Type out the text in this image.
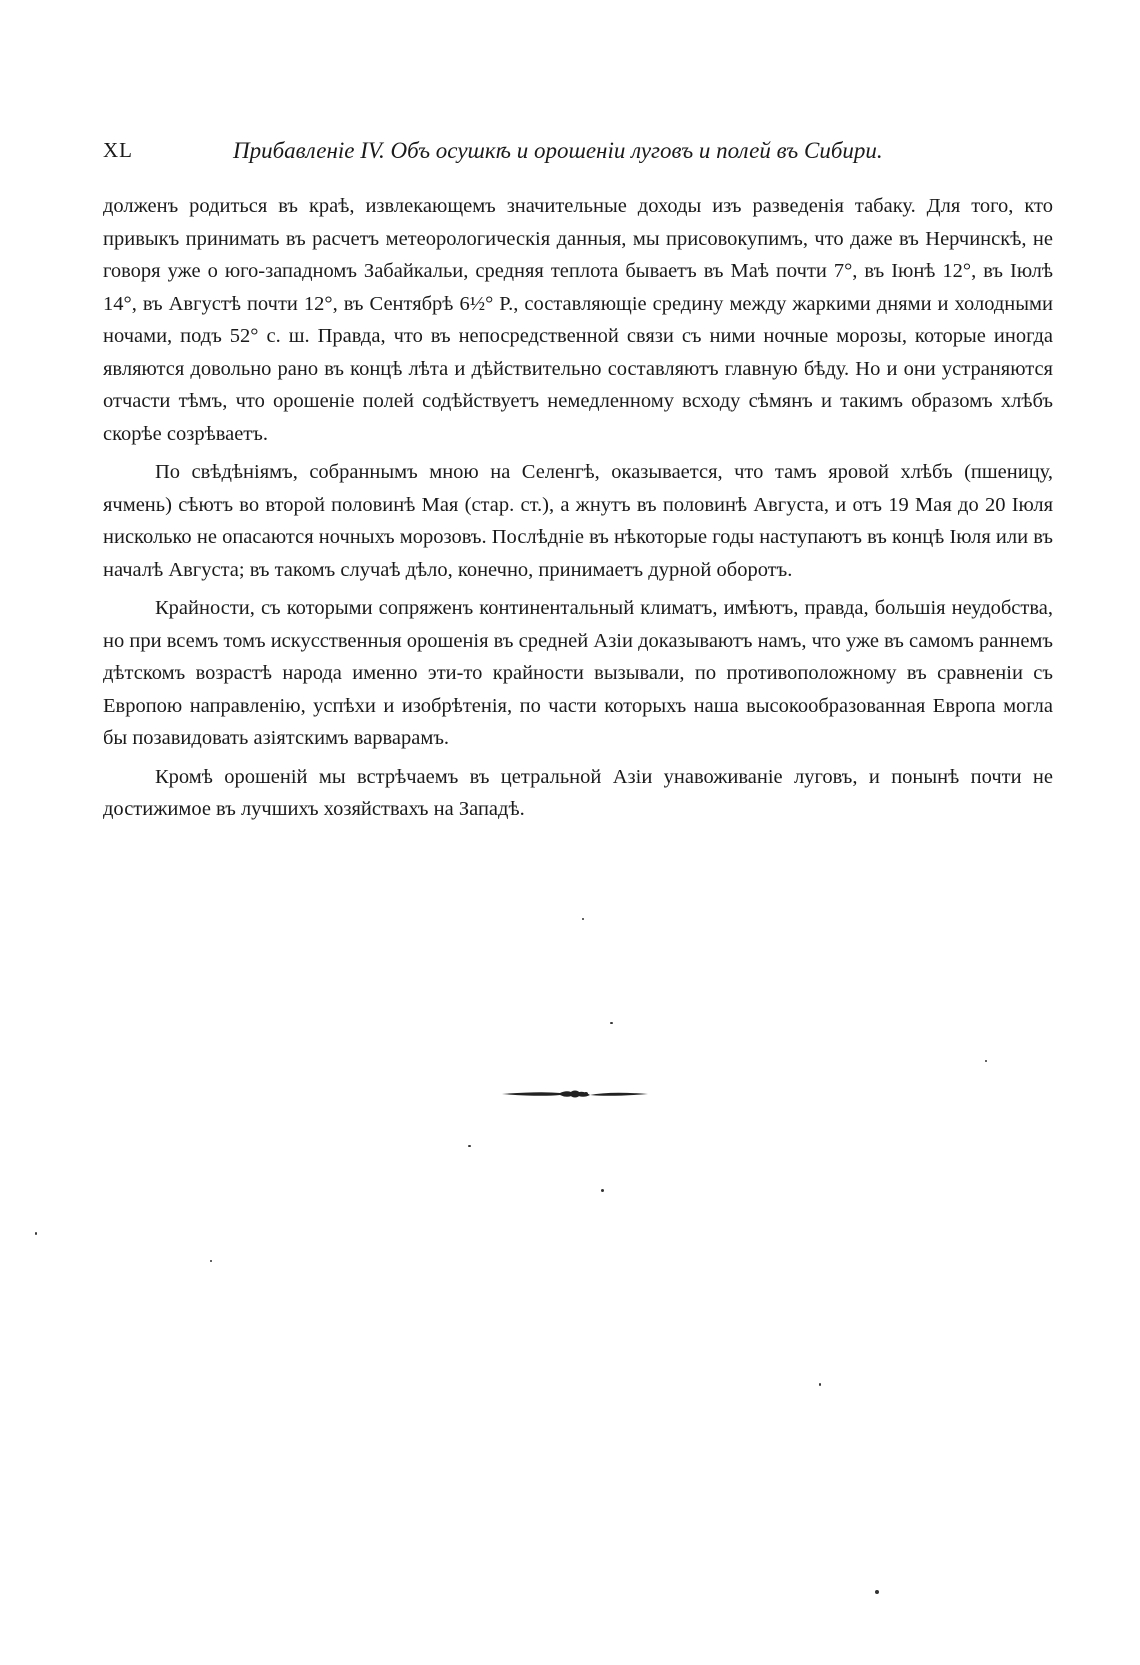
XL	Прибавленіе IV. Объ осушкѣ и орошеніи луговъ и полей въ Сибири.

долженъ родиться въ краѣ, извлекающемъ значительные доходы изъ разведенія табаку. Для того, кто привыкъ принимать въ расчетъ метеорологическія данныя, мы присовокупимъ, что даже въ Нерчинскѣ, не говоря уже о юго-западномъ Забайкальи, средняя теплота бываетъ въ Маѣ почти 7°, въ Іюнѣ 12°, въ Іюлѣ 14°, въ Августѣ почти 12°, въ Сентябрѣ 6½° Р., составляющіе средину между жаркими днями и холодными ночами, подъ 52° с. ш. Правда, что въ непосредственной связи съ ними ночные морозы, которые иногда являются довольно рано въ концѣ лѣта и дѣйствительно составляютъ главную бѣду. Но и они устраняются отчасти тѣмъ, что орошеніе полей содѣйствуетъ немедленному всходу сѣмянъ и такимъ образомъ хлѣбъ скорѣе созрѣваетъ.

По свѣдѣніямъ, собраннымъ мною на Селенгѣ, оказывается, что тамъ яровой хлѣбъ (пшеницу, ячмень) сѣютъ во второй половинѣ Мая (стар. ст.), а жнутъ въ половинѣ Августа, и отъ 19 Мая до 20 Іюля нисколько не опасаются ночныхъ морозовъ. Послѣдніе въ нѣкоторые годы наступаютъ въ концѣ Іюля или въ началѣ Августа; въ такомъ случаѣ дѣло, конечно, принимаетъ дурной оборотъ.

Крайности, съ которыми сопряженъ континентальный климатъ, имѣютъ, правда, большія неудобства, но при всемъ томъ искусственныя орошенія въ средней Азіи доказываютъ намъ, что уже въ самомъ раннемъ дѣтскомъ возрастѣ народа именно эти-то крайности вызывали, по противоположному въ сравненіи съ Европою направленію, успѣхи и изобрѣтенія, по части которыхъ наша высокообразованная Европа могла бы позавидовать азіятскимъ варварамъ.

Кромѣ орошеній мы встрѣчаемъ въ цетральной Азіи унавоживаніе луговъ, и понынѣ почти не достижимое въ лучшихъ хозяйствахъ на Западѣ.
